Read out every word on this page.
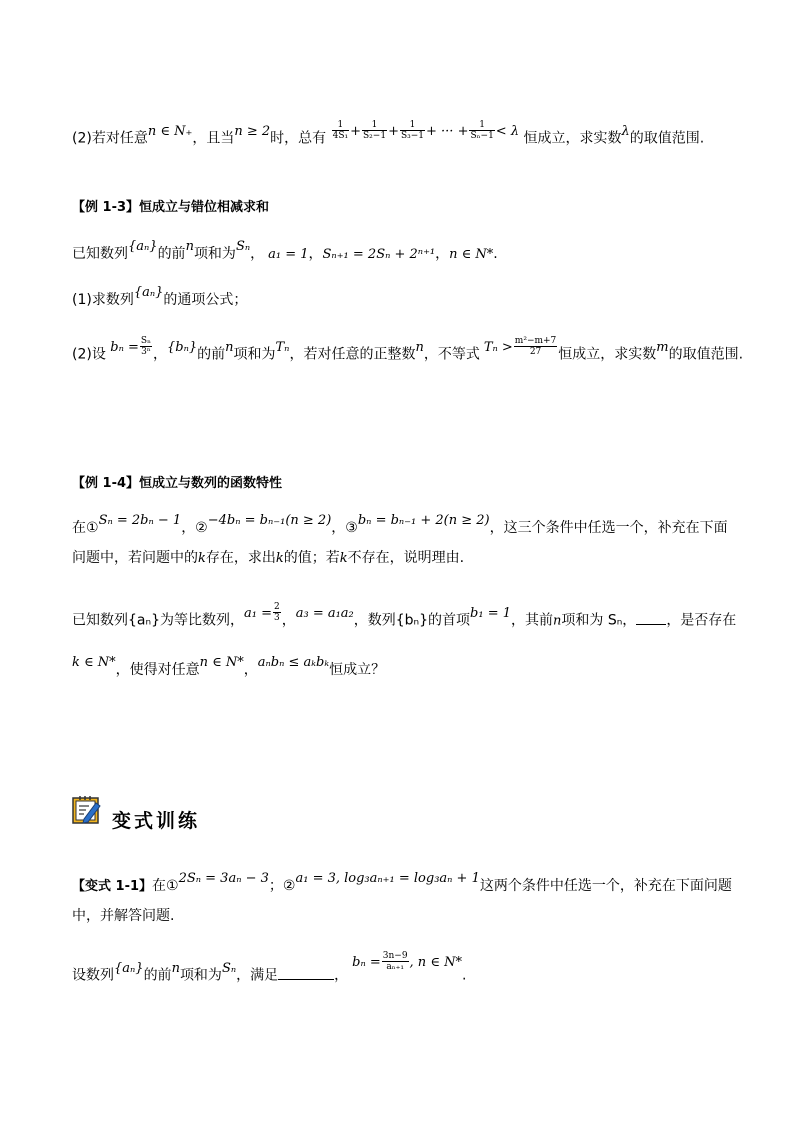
(2)若对任意n ∈ N₊，且当n ≥ 2时，总有 $\frac{1}{\text{4S₁}} + \frac{1}{\text{S₂−1}} + \frac{1}{\text{S₃−1}}$ + ··· + $\frac{1}{\text{Sₙ−1}} < \lambda$ 恒成立，求实数λ的取值范围.
【例 1-3】恒成立与错位相减求和
已知数列{aₙ}的前n项和为Sₙ， a₁ = 1，Sₙ₊₁ = 2Sₙ + 2ⁿ⁺¹，n ∈ N*.
(1)求数列{aₙ}的通项公式；
(2)设 $b_n = \frac{\text{Sₙ}}{\text{3ⁿ}}$ ，{bₙ}的前n项和为Tₙ，若对任意的正整数n，不等式 $T_n > \frac{\text{m²−m+7}}{27}$ 恒成立，求实数m的取值范围.
【例 1-4】恒成立与数列的函数特性
在①Sₙ = 2bₙ − 1，②−4bₙ = bₙ₋₁(n ≥ 2)，③bₙ = bₙ₋₁ + 2(n ≥ 2)，这三个条件中任选一个，补充在下面
问题中，若问题中的k存在，求出k的值；若k不存在，说明理由.
已知数列{aₙ}为等比数列，$a_1 = \frac{2}{3}$ ，a₃ = a₁a₂，数列{bₙ}的首项b₁ = 1，其前n项和为 Sₙ， ，是否存在
k ∈ N*，使得对任意n ∈ N*，aₙbₙ ≤ aₖbₖ恒成立？
变式训练
【变式 1-1】在①2Sₙ = 3aₙ − 3；②a₁ = 3, log₃aₙ₊₁ = log₃aₙ + 1这两个条件中任选一个，补充在下面问题
中，并解答问题.
设数列{aₙ}的前n项和为Sₙ，满足	，$b_n = \frac{3n-9}{\text{aₙ₊₁}}$ , n ∈ N*.
